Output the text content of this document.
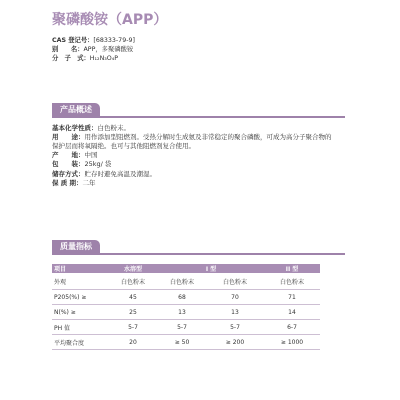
聚磷酸铵（APP）
CAS 登记号：[68333-79-9]
别　　名：APP，多聚磷酸铵
分　子　式：H₁₂N₃O₄P
产品概述
基本化学性质：白色粉末。
用　　途：用作添加型阻燃剂。受热分解时生成氨及非常稳定的聚合磷酸，可成为高分子聚合物的
保护层而将氧隔绝。也可与其他阻燃剂复合使用。
产　　地：中国
包　　装：25kg/ 袋
储存方式：贮存时避免高温及潮湿。
保 质 期：二年
质量指标
项目	水溶型	I 型	II 型
外观	白色粉末	白色粉末	白色粉末	白色粉末
P205(%) ≥	45	68	70	71
N(%) ≥	25	13	13	14
PH 值	5-7	5-7	5-7	6-7
平均聚合度	20	≥ 50	≥ 200	≥ 1000
